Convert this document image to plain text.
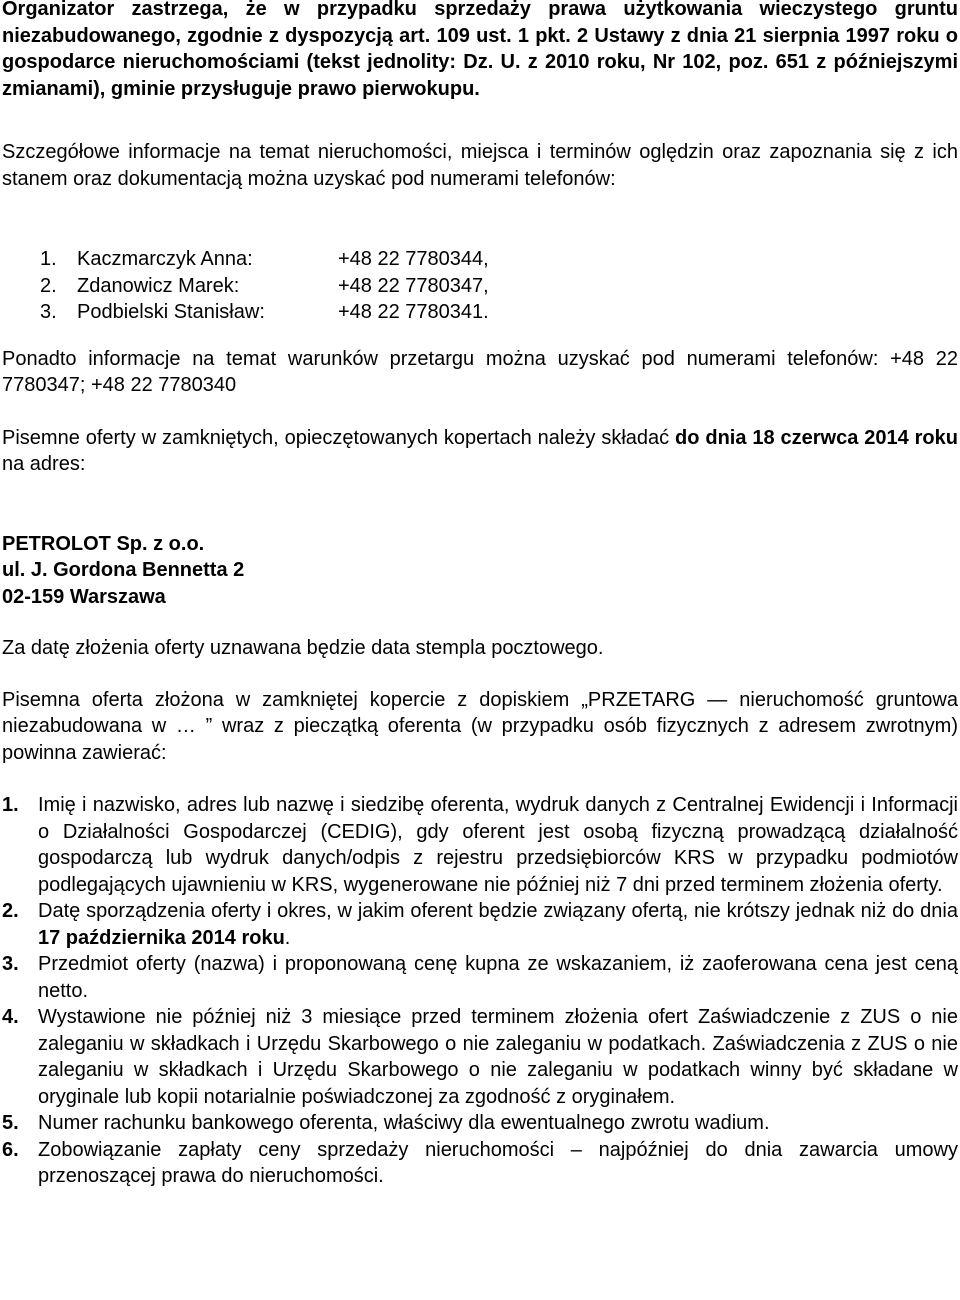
Organizator zastrzega, że w przypadku sprzedaży prawa użytkowania wieczystego gruntu niezabudowanego, zgodnie z dyspozycją art. 109 ust. 1 pkt. 2 Ustawy z dnia 21 sierpnia 1997 roku o gospodarce nieruchomościami (tekst jednolity: Dz. U. z 2010 roku, Nr 102, poz. 651 z późniejszymi zmianami), gminie przysługuje prawo pierwokupu.

Szczegółowe informacje na temat nieruchomości, miejsca i terminów oględzin oraz zapoznania się z ich stanem oraz dokumentacją można uzyskać pod numerami telefonów:

1. Kaczmarczyk Anna:	+48 22 7780344,
2. Zdanowicz Marek:	+48 22 7780347,
3. Podbielski Stanisław:	+48 22 7780341.

Ponadto informacje na temat warunków przetargu można uzyskać pod numerami telefonów: +48 22 7780347; +48 22 7780340

Pisemne oferty w zamkniętych, opieczętowanych kopertach należy składać do dnia 18 czerwca 2014 roku na adres:

PETROLOT Sp. z o.o.
ul. J. Gordona Bennetta 2
02-159 Warszawa

Za datę złożenia oferty uznawana będzie data stempla pocztowego.

Pisemna oferta złożona w zamkniętej kopercie z dopiskiem „PRZETARG — nieruchomość gruntowa niezabudowana w … ” wraz z pieczątką oferenta (w przypadku osób fizycznych z adresem zwrotnym) powinna zawierać:

1. Imię i nazwisko, adres lub nazwę i siedzibę oferenta, wydruk danych z Centralnej Ewidencji i Informacji o Działalności Gospodarczej (CEDIG), gdy oferent jest osobą fizyczną prowadzącą działalność gospodarczą lub wydruk danych/odpis z rejestru przedsiębiorców KRS w przypadku podmiotów podlegających ujawnieniu w KRS, wygenerowane nie później niż 7 dni przed terminem złożenia oferty.
2. Datę sporządzenia oferty i okres, w jakim oferent będzie związany ofertą, nie krótszy jednak niż do dnia 17 października 2014 roku.
3. Przedmiot oferty (nazwa) i proponowaną cenę kupna ze wskazaniem, iż zaoferowana cena jest ceną netto.
4. Wystawione nie później niż 3 miesiące przed terminem złożenia ofert Zaświadczenie z ZUS o nie zaleganiu w składkach i Urzędu Skarbowego o nie zaleganiu w podatkach. Zaświadczenia z ZUS o nie zaleganiu w składkach i Urzędu Skarbowego o nie zaleganiu w podatkach winny być składane w oryginale lub kopii notarialnie poświadczonej za zgodność z oryginałem.
5. Numer rachunku bankowego oferenta, właściwy dla ewentualnego zwrotu wadium.
6. Zobowiązanie zapłaty ceny sprzedaży nieruchomości – najpóźniej do dnia zawarcia umowy przenoszącej prawa do nieruchomości.
